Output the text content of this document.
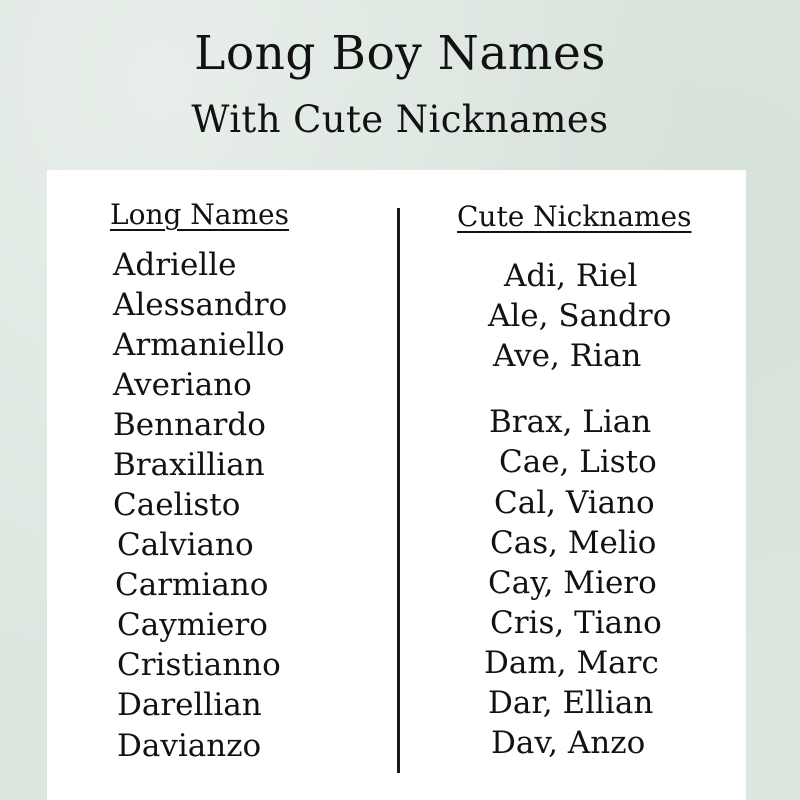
Long Boy Names
With Cute Nicknames
Long Names	Cute Nicknames
Adrielle
Alessandro
Armaniello
Averiano
Bennardo
Braxillian
Caelisto
Calviano
Carmiano
Caymiero
Cristianno
Darellian
Davianzo
Adi, Riel
Ale, Sandro
Ave, Rian
Brax, Lian
Cae, Listo
Cal, Viano
Cas, Melio
Cay, Miero
Cris, Tiano
Dam, Marc
Dar, Ellian
Dav, Anzo
